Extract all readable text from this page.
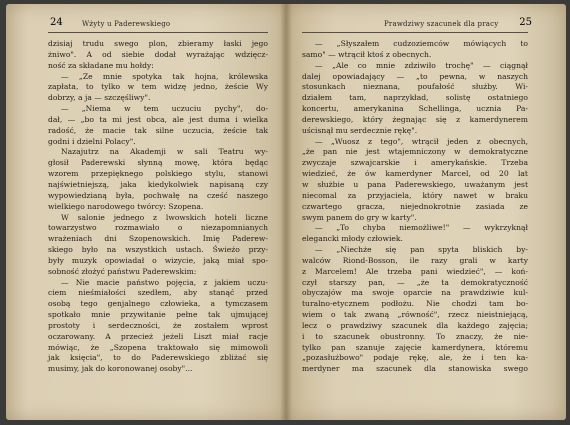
24	Wżyty u Paderewskiego
dzisiaj trudu swego plon, zbieramy łaski jego
żniwo". A od siebie dodał wyrażając wdzięcz-
ność za składane mu hołdy:
— „Ze mnie spotyka tak hojna, królewska
zapłata, to tylko w tem widzę jedno, żeście Wy
dobrzy, a ja — szczęśliwy".
— „Niema w tem uczuciu pychy", do-
dał, — „bo ta mi jest obca, ale jest duma i wielka
radość, że macie tak silne uczucia, żeście tak
godni i dzielni Polacy".
Nazajutrz na Akademji w sali Teatru wy-
głosił Paderewski słynną mowę, która będąc
wzorem przepięknego polskiego stylu, stanowi
najświetniejszą, jaka kiedykolwiek napisaną czy
wypowiedzianą była, pochwałę na cześć naszego
wielkiego narodowego twórcy: Szopena.
W salonie jednego z lwowskich hoteli liczne
towarzystwo rozmawiało o niezapomnianych
wrażeniach dni Szopenowskich. Imię Paderew-
skiego było na wszystkich ustach. Świeżo przy-
były muzyk opowiadał o wizycie, jaką miał spo-
sobność złożyć państwu Paderewskim:
— Nie macie państwo pojęcia, z jakiem uczu-
ciem nieśmiałości szedłem, aby stanąć przed
osobą tego genjalnego człowieka, a tymczasem
spotkało mnie przywitanie pełne tak ujmującej
prostoty i serdeczności, że zostałem wprost
oczarowany. A przecież jeżeli Liszt miał racje
mówiąc, że „Szopena traktowało się mimowoli
jak księcia", to do Paderewskiego zbliżać się
musimy, jak do koronowanej osoby"...
Prawdziwy szacunek dla pracy 25
— „Słyszałem cudzoziemców mówiących to
samo" — wtrącił ktoś z obecnych.
— „Ale co mnie zdziwiło trochę" — ciągnął
dalej opowiadający — „to pewna, w naszych
stosunkach nieznana, poufałość służby. Wi-
działem tam, naprzykład, solistę ostatniego
koncertu, amerykanina Schellinga, ucznia Pa-
derewskiego, który żegnając się z kamerdynerem
uścisnął mu serdecznie rękę".
— „Wuosz z tego", wtrącił jeden z obecnych,
„że pan nie jest wtajemniczony w demokratyczne
zwyczaje szwajcarskie i amerykańskie. Trzeba
wiedzieć, że ów kamerdyner Marcel, od 20 lat
w służbie u pana Paderewskiego, uważanym jest
niecomal za przyjaciela, który nawet w braku
czwartego gracza, niejednokrotnie zasiada ze
swym panem do gry w karty".
— „To chyba niemożliwe!" — wykrzyknął
elegancki młody człowiek.
— „Niechże się pan spyta bliskich by-
walców Riond-Bosson, ile razy grali w karty
z Marcelem! Ale trzeba pani wiedzieć", — koń-
czył starszy pan, — „że ta demokratyczność
obyczajów ma swoje oparcie na prawdziwie kul-
turalno-etycznem podłożu. Nie chodzi tam bo-
wiem o tak zwaną „równość", rzecz nieistniejącą,
lecz o prawdziwy szacunek dla każdego zajęcia;
i to szacunek obustronny. To znaczy, że nie-
tylko pan szanuje zajęcie kamerdynera, któremu
„pozasłużbowo" podaje rękę, ale, że i ten ka-
merdyner ma szacunek dla stanowiska swego
